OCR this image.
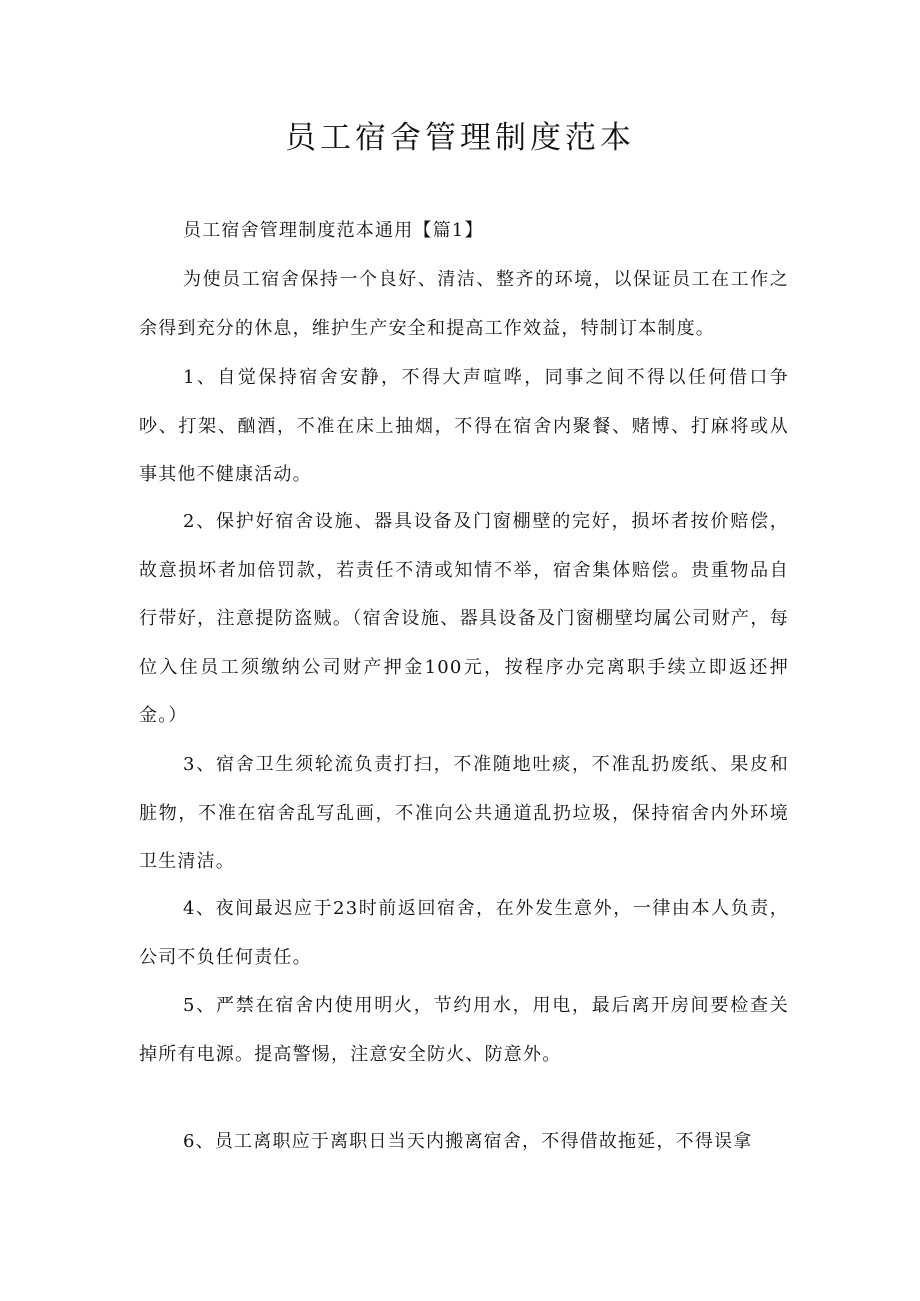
员工宿舍管理制度范本
员工宿舍管理制度范本通用【篇1】

为使员工宿舍保持一个良好、清洁、整齐的环境，以保证员工在工作之余得到充分的休息，维护生产安全和提高工作效益，特制订本制度。

1、自觉保持宿舍安静，不得大声喧哗，同事之间不得以任何借口争吵、打架、酗酒，不准在床上抽烟，不得在宿舍内聚餐、赌博、打麻将或从事其他不健康活动。

2、保护好宿舍设施、器具设备及门窗棚壁的完好，损坏者按价赔偿，故意损坏者加倍罚款，若责任不清或知情不举，宿舍集体赔偿。贵重物品自行带好，注意提防盗贼。（宿舍设施、器具设备及门窗棚壁均属公司财产，每位入住员工须缴纳公司财产押金100元，按程序办完离职手续立即返还押金。）

3、宿舍卫生须轮流负责打扫，不准随地吐痰，不准乱扔废纸、果皮和脏物，不准在宿舍乱写乱画，不准向公共通道乱扔垃圾，保持宿舍内外环境卫生清洁。

4、夜间最迟应于23时前返回宿舍，在外发生意外，一律由本人负责，公司不负任何责任。

5、严禁在宿舍内使用明火，节约用水，用电，最后离开房间要检查关掉所有电源。提高警惕，注意安全防火、防意外。

6、员工离职应于离职日当天内搬离宿舍，不得借故拖延，不得误拿
